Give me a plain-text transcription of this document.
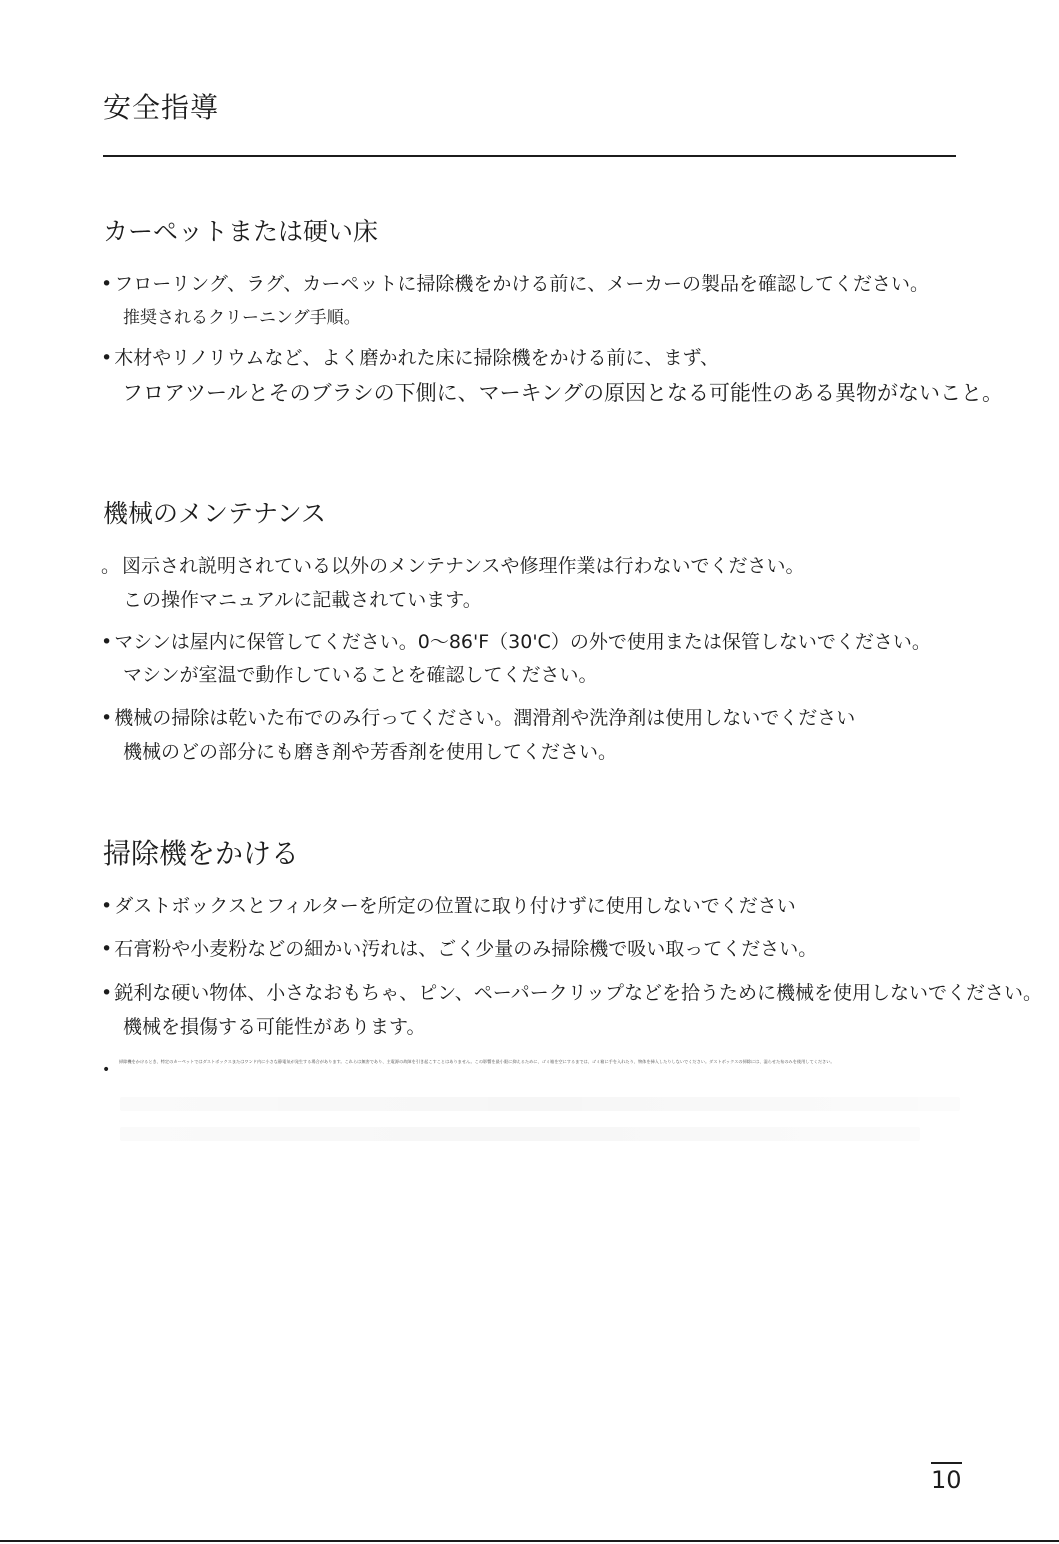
安全指導
カーペットまたは硬い床
• フローリング、ラグ、カーペットに掃除機をかける前に、メーカーの製品を確認してください。
推奨されるクリーニング手順。
• 木材やリノリウムなど、よく磨かれた床に掃除機をかける前に、まず、
フロアツールとそのブラシの下側に、マーキングの原因となる可能性のある異物がないこと。
機械のメンテナンス
。 図示され説明されている以外のメンテナンスや修理作業は行わないでください。
この操作マニュアルに記載されています。
• マシンは屋内に保管してください。0～86'F（30'C）の外で使用または保管しないでください。
マシンが室温で動作していることを確認してください。
• 機械の掃除は乾いた布でのみ行ってください。潤滑剤や洗浄剤は使用しないでください
機械のどの部分にも磨き剤や芳香剤を使用してください。
掃除機をかける
• ダストボックスとフィルターを所定の位置に取り付けずに使用しないでください
• 石膏粉や小麦粉などの細かい汚れは、ごく少量のみ掃除機で吸い取ってください。
• 鋭利な硬い物体、小さなおもちゃ、ピン、ペーパークリップなどを拾うために機械を使用しないでください。
機械を損傷する可能性があります。
掃除機をかけるとき、特定のカーペットではダストボックスまたはワンド内に小さな静電気が発生する場合があります。これらは無害であり、主電源の故障を引き起こすことはありません。この影響を最小限に抑えるために、ゴミ箱を空にするまでは、ゴミ箱に手を入れたり、物体を挿入したりしないでください。ダストボックスの掃除には、湿らせた布のみを使用してください。
•
10
